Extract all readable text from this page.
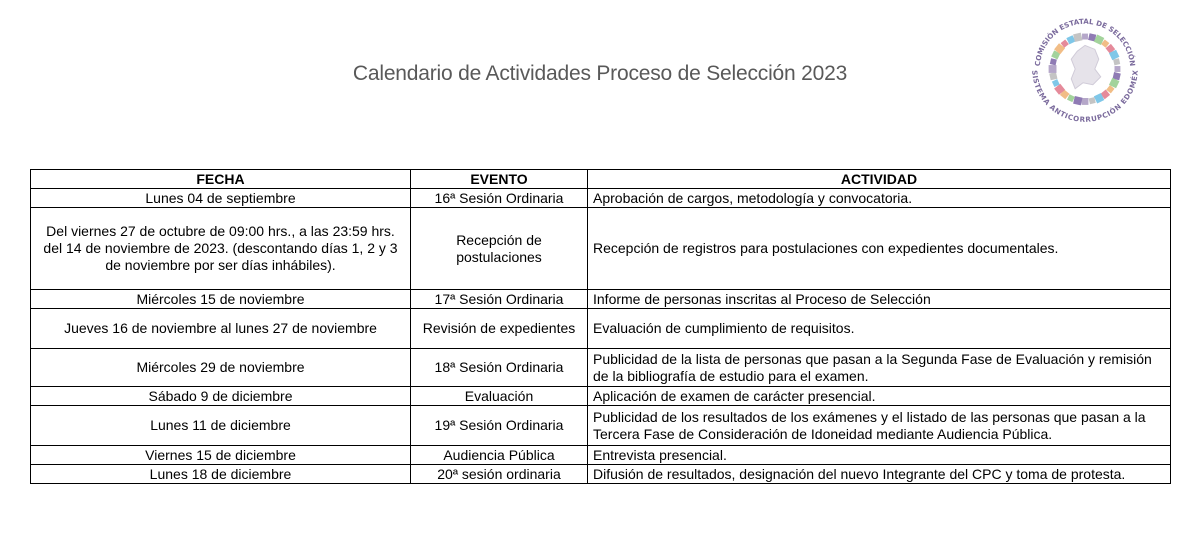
Calendario de Actividades Proceso de Selección 2023	COMISIÓN ESTATAL DE SELECCIÓN
SISTEMA ANTICORRUPCIÓN EDOMÉX
FECHA	EVENTO	ACTIVIDAD
Lunes 04 de septiembre	16ª Sesión Ordinaria	Aprobación de cargos, metodología y convocatoria.
Del viernes 27 de octubre de 09:00 hrs., a las 23:59 hrs. del 14 de noviembre de 2023. (descontando días 1, 2 y 3 de noviembre por ser días inhábiles).	Recepción de postulaciones	Recepción de registros para postulaciones con expedientes documentales.
Miércoles 15 de noviembre	17ª Sesión Ordinaria	Informe de personas inscritas al Proceso de Selección
Jueves 16 de noviembre al lunes 27 de noviembre	Revisión de expedientes	Evaluación de cumplimiento de requisitos.
Miércoles 29 de noviembre	18ª Sesión Ordinaria	Publicidad de la lista de personas que pasan a la Segunda Fase de Evaluación y remisión de la bibliografía de estudio para el examen.
Sábado 9 de diciembre	Evaluación	Aplicación de examen de carácter presencial.
Lunes 11 de diciembre	19ª Sesión Ordinaria	Publicidad de los resultados de los exámenes y el listado de las personas que pasan a la Tercera Fase de Consideración de Idoneidad mediante Audiencia Pública.
Viernes 15 de diciembre	Audiencia Pública	Entrevista presencial.
Lunes 18 de diciembre	20ª sesión ordinaria	Difusión de resultados, designación del nuevo Integrante del CPC y toma de protesta.
